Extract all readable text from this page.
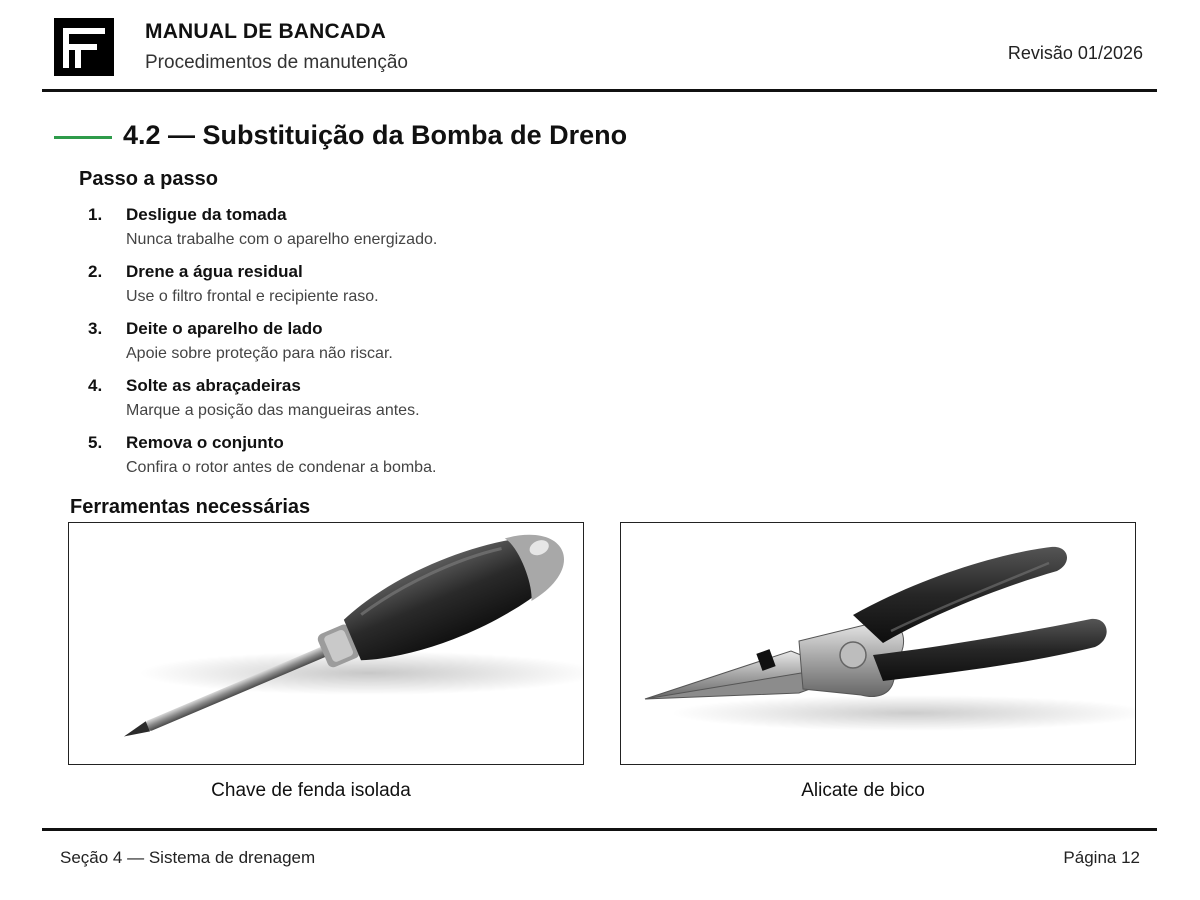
MANUAL DE BANCADA
Procedimentos de manutenção	Revisão 01/2026
4.2 — Substituição da Bomba de Dreno
Passo a passo
1. Desligue da tomada
Nunca trabalhe com o aparelho energizado.
2. Drene a água residual
Use o filtro frontal e recipiente raso.
3. Deite o aparelho de lado
Apoie sobre proteção para não riscar.
4. Solte as abraçadeiras
Marque a posição das mangueiras antes.
5. Remova o conjunto
Confira o rotor antes de condenar a bomba.
Ferramentas necessárias
Chave de fenda isolada	Alicate de bico
Seção 4 — Sistema de drenagem	Página 12
